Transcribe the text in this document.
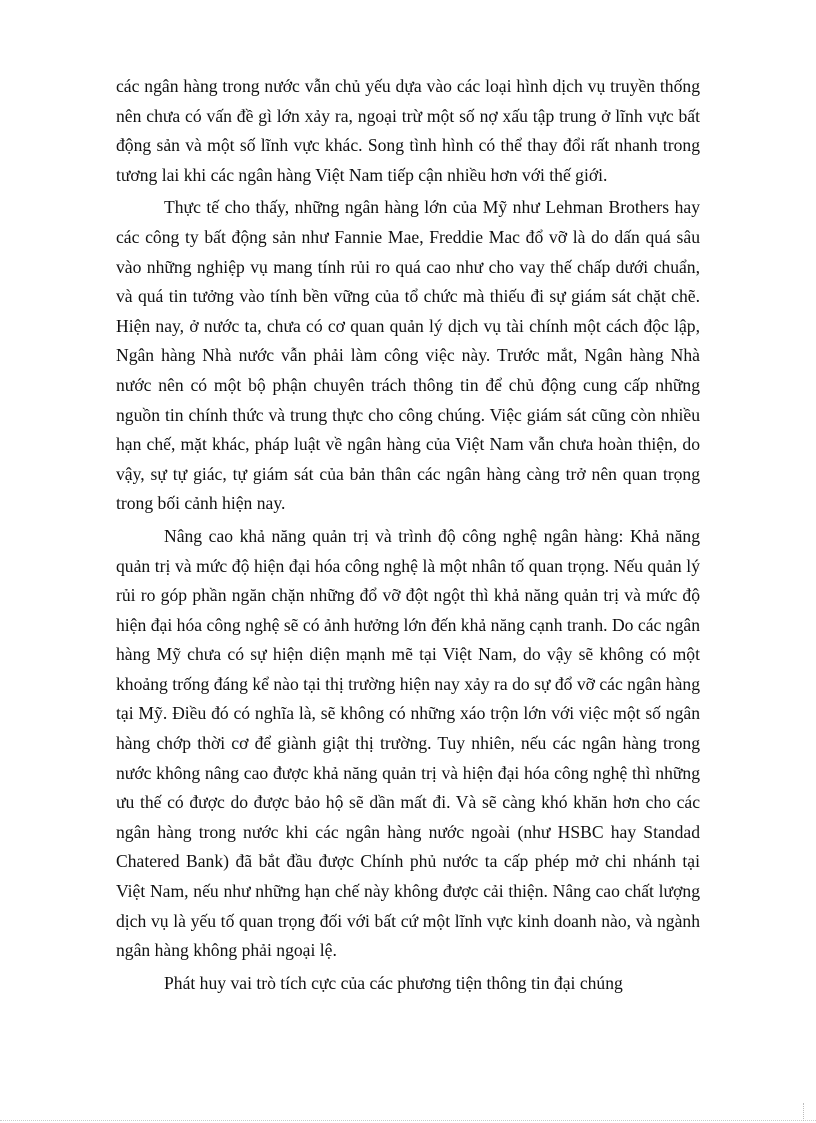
các ngân hàng trong nước vẫn chủ yếu dựa vào các loại hình dịch vụ truyền thống nên chưa có vấn đề gì lớn xảy ra, ngoại trừ một số nợ xấu tập trung ở lĩnh vực bất động sản và một số lĩnh vực khác. Song tình hình có thể thay đổi rất nhanh trong tương lai khi các ngân hàng Việt Nam tiếp cận nhiều hơn với thế giới.

Thực tế cho thấy, những ngân hàng lớn của Mỹ như Lehman Brothers hay các công ty bất động sản như Fannie Mae, Freddie Mac đổ vỡ là do dấn quá sâu vào những nghiệp vụ mang tính rủi ro quá cao như cho vay thế chấp dưới chuẩn, và quá tin tưởng vào tính bền vững của tổ chức mà thiếu đi sự giám sát chặt chẽ. Hiện nay, ở nước ta, chưa có cơ quan quản lý dịch vụ tài chính một cách độc lập, Ngân hàng Nhà nước vẫn phải làm công việc này. Trước mắt, Ngân hàng Nhà nước nên có một bộ phận chuyên trách thông tin để chủ động cung cấp những nguồn tin chính thức và trung thực cho công chúng. Việc giám sát cũng còn nhiều hạn chế, mặt khác, pháp luật về ngân hàng của Việt Nam vẫn chưa hoàn thiện, do vậy, sự tự giác, tự giám sát của bản thân các ngân hàng càng trở nên quan trọng trong bối cảnh hiện nay.

Nâng cao khả năng quản trị và trình độ công nghệ ngân hàng: Khả năng quản trị và mức độ hiện đại hóa công nghệ là một nhân tố quan trọng. Nếu quản lý rủi ro góp phần ngăn chặn những đổ vỡ đột ngột thì khả năng quản trị và mức độ hiện đại hóa công nghệ sẽ có ảnh hưởng lớn đến khả năng cạnh tranh. Do các ngân hàng Mỹ chưa có sự hiện diện mạnh mẽ tại Việt Nam, do vậy sẽ không có một khoảng trống đáng kể nào tại thị trường hiện nay xảy ra do sự đổ vỡ các ngân hàng tại Mỹ. Điều đó có nghĩa là, sẽ không có những xáo trộn lớn với việc một số ngân hàng chớp thời cơ để giành giật thị trường. Tuy nhiên, nếu các ngân hàng trong nước không nâng cao được khả năng quản trị và hiện đại hóa công nghệ thì những ưu thế có được do được bảo hộ sẽ dần mất đi. Và sẽ càng khó khăn hơn cho các ngân hàng trong nước khi các ngân hàng nước ngoài (như HSBC hay Standad Chatered Bank) đã bắt đầu được Chính phủ nước ta cấp phép mở chi nhánh tại Việt Nam, nếu như những hạn chế này không được cải thiện. Nâng cao chất lượng dịch vụ là yếu tố quan trọng đối với bất cứ một lĩnh vực kinh doanh nào, và ngành ngân hàng không phải ngoại lệ.

Phát huy vai trò tích cực của các phương tiện thông tin đại chúng
